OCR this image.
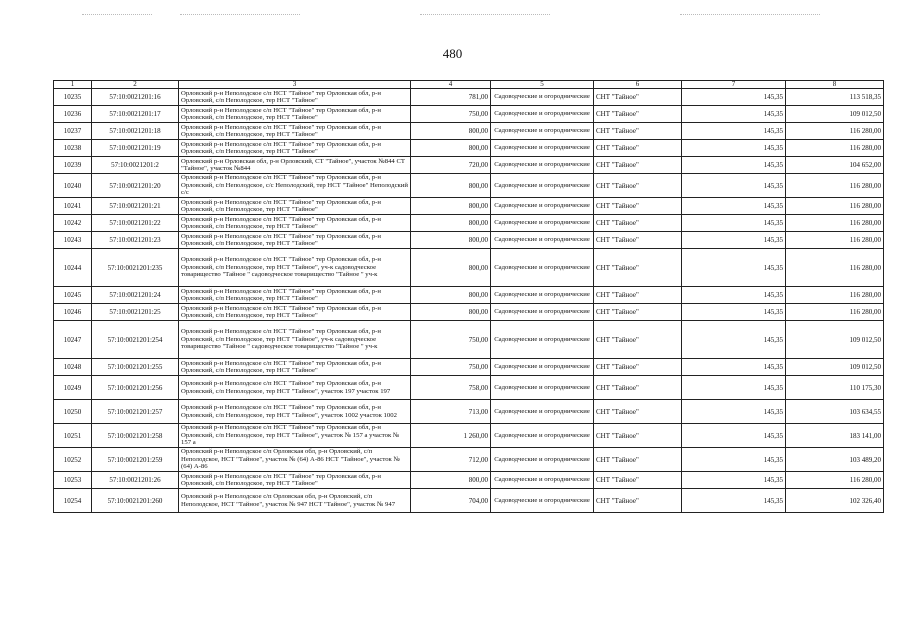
480
1	2	3	4	5	6	7	8
10235	57:10:0021201:16	Орловский р-н Неполодское с/п НСТ "Тайное" тер Орловская обл, р-н Орловский, с/п Неполодское, тер НСТ "Тайное"	781,00	Садоводческие и огороднические	СНТ "Тайное"	145,35	113 518,35
10236	57:10:0021201:17	Орловский р-н Неполодское с/п НСТ "Тайное" тер Орловская обл, р-н Орловский, с/п Неполодское, тер НСТ "Тайное"	750,00	Садоводческие и огороднические	СНТ "Тайное"	145,35	109 012,50
10237	57:10:0021201:18	Орловский р-н Неполодское с/п НСТ "Тайное" тер Орловская обл, р-н Орловский, с/п Неполодское, тер НСТ "Тайное"	800,00	Садоводческие и огороднические	СНТ "Тайное"	145,35	116 280,00
10238	57:10:0021201:19	Орловский р-н Неполодское с/п НСТ "Тайное" тер Орловская обл, р-н Орловский, с/п Неполодское, тер НСТ "Тайное"	800,00	Садоводческие и огороднические	СНТ "Тайное"	145,35	116 280,00
10239	57:10:0021201:2	Орловский р-н Орловская обл, р-н Орловский, СТ "Тайное", участок №844 СТ "Тайное", участок №844	720,00	Садоводческие и огороднические	СНТ "Тайное"	145,35	104 652,00
10240	57:10:0021201:20	Орловский р-н Неполодское с/п НСТ "Тайное" тер Орловская обл, р-н Орловский, с/п Неполодское, с/с Неполодский, тер НСТ "Тайное" Неполодский с/с	800,00	Садоводческие и огороднические	СНТ "Тайное"	145,35	116 280,00
10241	57:10:0021201:21	Орловский р-н Неполодское с/п НСТ "Тайное" тер Орловская обл, р-н Орловский, с/п Неполодское, тер НСТ "Тайное"	800,00	Садоводческие и огороднические	СНТ "Тайное"	145,35	116 280,00
10242	57:10:0021201:22	Орловский р-н Неполодское с/п НСТ "Тайное" тер Орловская обл, р-н Орловский, с/п Неполодское, тер НСТ "Тайное"	800,00	Садоводческие и огороднические	СНТ "Тайное"	145,35	116 280,00
10243	57:10:0021201:23	Орловский р-н Неполодское с/п НСТ "Тайное" тер Орловская обл, р-н Орловский, с/п Неполодское, тер НСТ "Тайное"	800,00	Садоводческие и огороднические	СНТ "Тайное"	145,35	116 280,00
10244	57:10:0021201:235	Орловский р-н Неполодское с/п НСТ "Тайное" тер Орловская обл, р-н Орловский, с/п Неполодское, тер НСТ "Тайное", уч-к садоводческое товарищество "Тайное " садоводческое товарищество "Тайное " уч-к	800,00	Садоводческие и огороднические	СНТ "Тайное"	145,35	116 280,00
10245	57:10:0021201:24	Орловский р-н Неполодское с/п НСТ "Тайное" тер Орловская обл, р-н Орловский, с/п Неполодское, тер НСТ "Тайное"	800,00	Садоводческие и огороднические	СНТ "Тайное"	145,35	116 280,00
10246	57:10:0021201:25	Орловский р-н Неполодское с/п НСТ "Тайное" тер Орловская обл, р-н Орловский, с/п Неполодское, тер НСТ "Тайное"	800,00	Садоводческие и огороднические	СНТ "Тайное"	145,35	116 280,00
10247	57:10:0021201:254	Орловский р-н Неполодское с/п НСТ "Тайное" тер Орловская обл, р-н Орловский, с/п Неполодское, тер НСТ "Тайное", уч-к садоводческое товарищество "Тайное " садоводческое товарищество "Тайное " уч-к	750,00	Садоводческие и огороднические	СНТ "Тайное"	145,35	109 012,50
10248	57:10:0021201:255	Орловский р-н Неполодское с/п НСТ "Тайное" тер Орловская обл, р-н Орловский, с/п Неполодское, тер НСТ "Тайное"	750,00	Садоводческие и огороднические	СНТ "Тайное"	145,35	109 012,50
10249	57:10:0021201:256	Орловский р-н Неполодское с/п НСТ "Тайное" тер Орловская обл, р-н Орловский, с/п Неполодское, тер НСТ "Тайное", участок 197 участок 197	758,00	Садоводческие и огороднические	СНТ "Тайное"	145,35	110 175,30
10250	57:10:0021201:257	Орловский р-н Неполодское с/п НСТ "Тайное" тер Орловская обл, р-н Орловский, с/п Неполодское, тер НСТ "Тайное", участок 1002 участок 1002	713,00	Садоводческие и огороднические	СНТ "Тайное"	145,35	103 634,55
10251	57:10:0021201:258	Орловский р-н Неполодское с/п НСТ "Тайное" тер Орловская обл, р-н Орловский, с/п Неполодское, тер НСТ "Тайное", участок № 157 а участок № 157 а	1 260,00	Садоводческие и огороднические	СНТ "Тайное"	145,35	183 141,00
10252	57:10:0021201:259	Орловский р-н Неполодское с/п Орловская обл, р-н Орловский, с/п Неполодское, НСТ "Тайное", участок № (64) А-86 НСТ "Тайное", участок № (64) А-86	712,00	Садоводческие и огороднические	СНТ "Тайное"	145,35	103 489,20
10253	57:10:0021201:26	Орловский р-н Неполодское с/п НСТ "Тайное" тер Орловская обл, р-н Орловский, с/п Неполодское, тер НСТ "Тайное"	800,00	Садоводческие и огороднические	СНТ "Тайное"	145,35	116 280,00
10254	57:10:0021201:260	Орловский р-н Неполодское с/п Орловская обл, р-н Орловский, с/п Неполодское, НСТ "Тайное", участок № 947 НСТ "Тайное", участок № 947	704,00	Садоводческие и огороднические	СНТ "Тайное"	145,35	102 326,40
